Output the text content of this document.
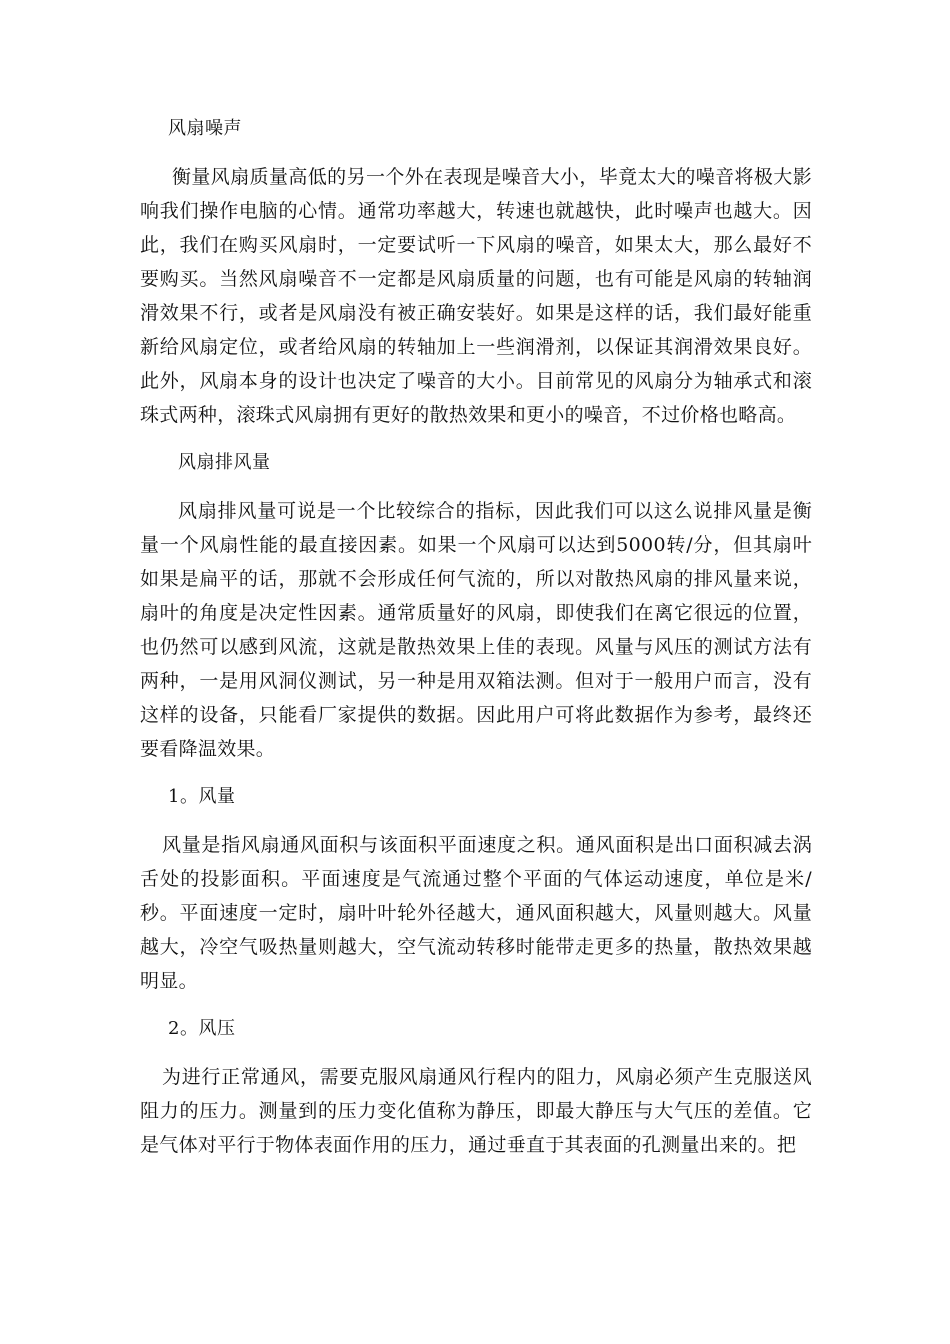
风扇噪声

衡量风扇质量高低的另一个外在表现是噪音大小，毕竟太大的噪音将极大影响我们操作电脑的心情。通常功率越大，转速也就越快，此时噪声也越大。因此，我们在购买风扇时，一定要试听一下风扇的噪音，如果太大，那么最好不要购买。当然风扇噪音不一定都是风扇质量的问题，也有可能是风扇的转轴润滑效果不行，或者是风扇没有被正确安装好。如果是这样的话，我们最好能重新给风扇定位，或者给风扇的转轴加上一些润滑剂，以保证其润滑效果良好。此外，风扇本身的设计也决定了噪音的大小。目前常见的风扇分为轴承式和滚珠式两种，滚珠式风扇拥有更好的散热效果和更小的噪音，不过价格也略高。

风扇排风量

风扇排风量可说是一个比较综合的指标，因此我们可以这么说排风量是衡量一个风扇性能的最直接因素。如果一个风扇可以达到5000转/分，但其扇叶如果是扁平的话，那就不会形成任何气流的，所以对散热风扇的排风量来说，扇叶的角度是决定性因素。通常质量好的风扇，即使我们在离它很远的位置，也仍然可以感到风流，这就是散热效果上佳的表现。风量与风压的测试方法有两种，一是用风洞仪测试，另一种是用双箱法测。但对于一般用户而言，没有这样的设备，只能看厂家提供的数据。因此用户可将此数据作为参考，最终还要看降温效果。

1。风量

风量是指风扇通风面积与该面积平面速度之积。通风面积是出口面积减去涡舌处的投影面积。平面速度是气流通过整个平面的气体运动速度，单位是米/秒。平面速度一定时，扇叶叶轮外径越大，通风面积越大，风量则越大。风量越大，冷空气吸热量则越大，空气流动转移时能带走更多的热量，散热效果越明显。

2。风压

为进行正常通风，需要克服风扇通风行程内的阻力，风扇必须产生克服送风阻力的压力。测量到的压力变化值称为静压，即最大静压与大气压的差值。它是气体对平行于物体表面作用的压力，通过垂直于其表面的孔测量出来的。把
